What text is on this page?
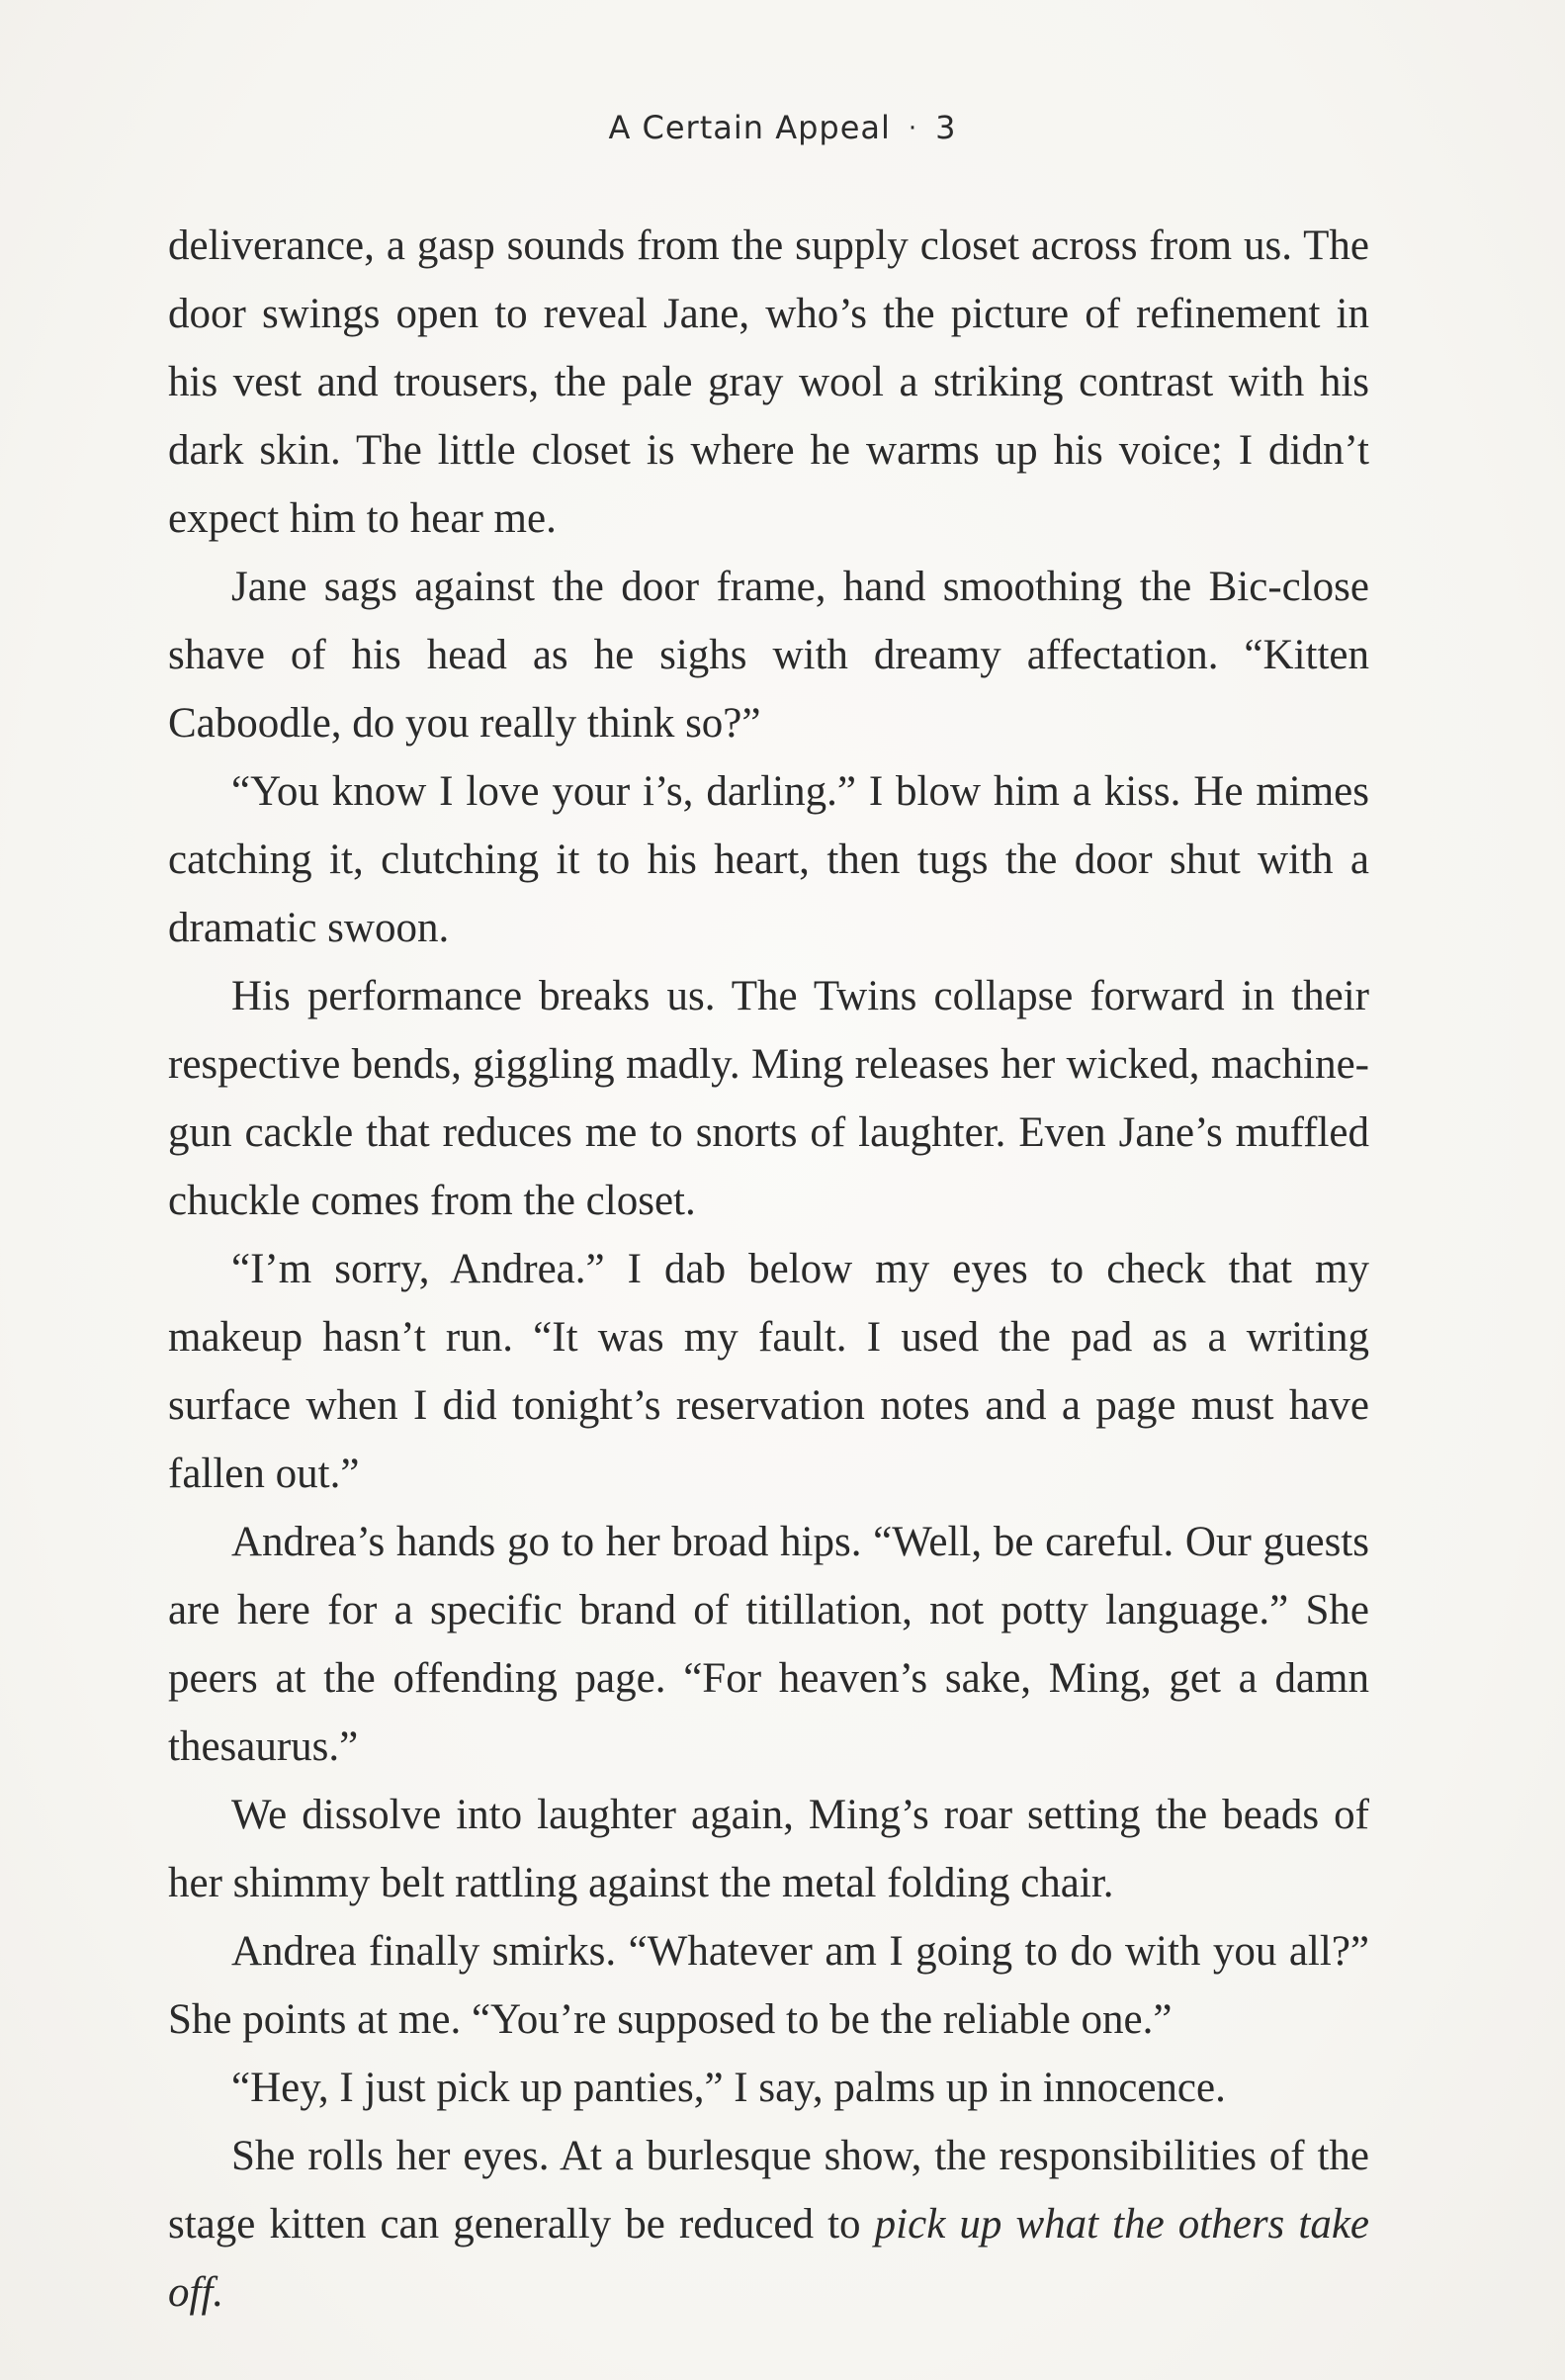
A Certain Appeal · 3

deliverance, a gasp sounds from the supply closet across from us. The door swings open to reveal Jane, who’s the picture of refinement in his vest and trousers, the pale gray wool a striking contrast with his dark skin. The little closet is where he warms up his voice; I didn’t expect him to hear me.

Jane sags against the door frame, hand smoothing the Bic-close shave of his head as he sighs with dreamy affectation. “Kitten Caboodle, do you really think so?”

“You know I love your i’s, darling.” I blow him a kiss. He mimes catching it, clutching it to his heart, then tugs the door shut with a dramatic swoon.

His performance breaks us. The Twins collapse forward in their respective bends, giggling madly. Ming releases her wicked, machine-gun cackle that reduces me to snorts of laughter. Even Jane’s muffled chuckle comes from the closet.

“I’m sorry, Andrea.” I dab below my eyes to check that my makeup hasn’t run. “It was my fault. I used the pad as a writing surface when I did tonight’s reservation notes and a page must have fallen out.”

Andrea’s hands go to her broad hips. “Well, be careful. Our guests are here for a specific brand of titillation, not potty language.” She peers at the offending page. “For heaven’s sake, Ming, get a damn thesaurus.”

We dissolve into laughter again, Ming’s roar setting the beads of her shimmy belt rattling against the metal folding chair.

Andrea finally smirks. “Whatever am I going to do with you all?” She points at me. “You’re supposed to be the reliable one.”

“Hey, I just pick up panties,” I say, palms up in innocence.

She rolls her eyes. At a burlesque show, the responsibilities of the stage kitten can generally be reduced to pick up what the others take off.
